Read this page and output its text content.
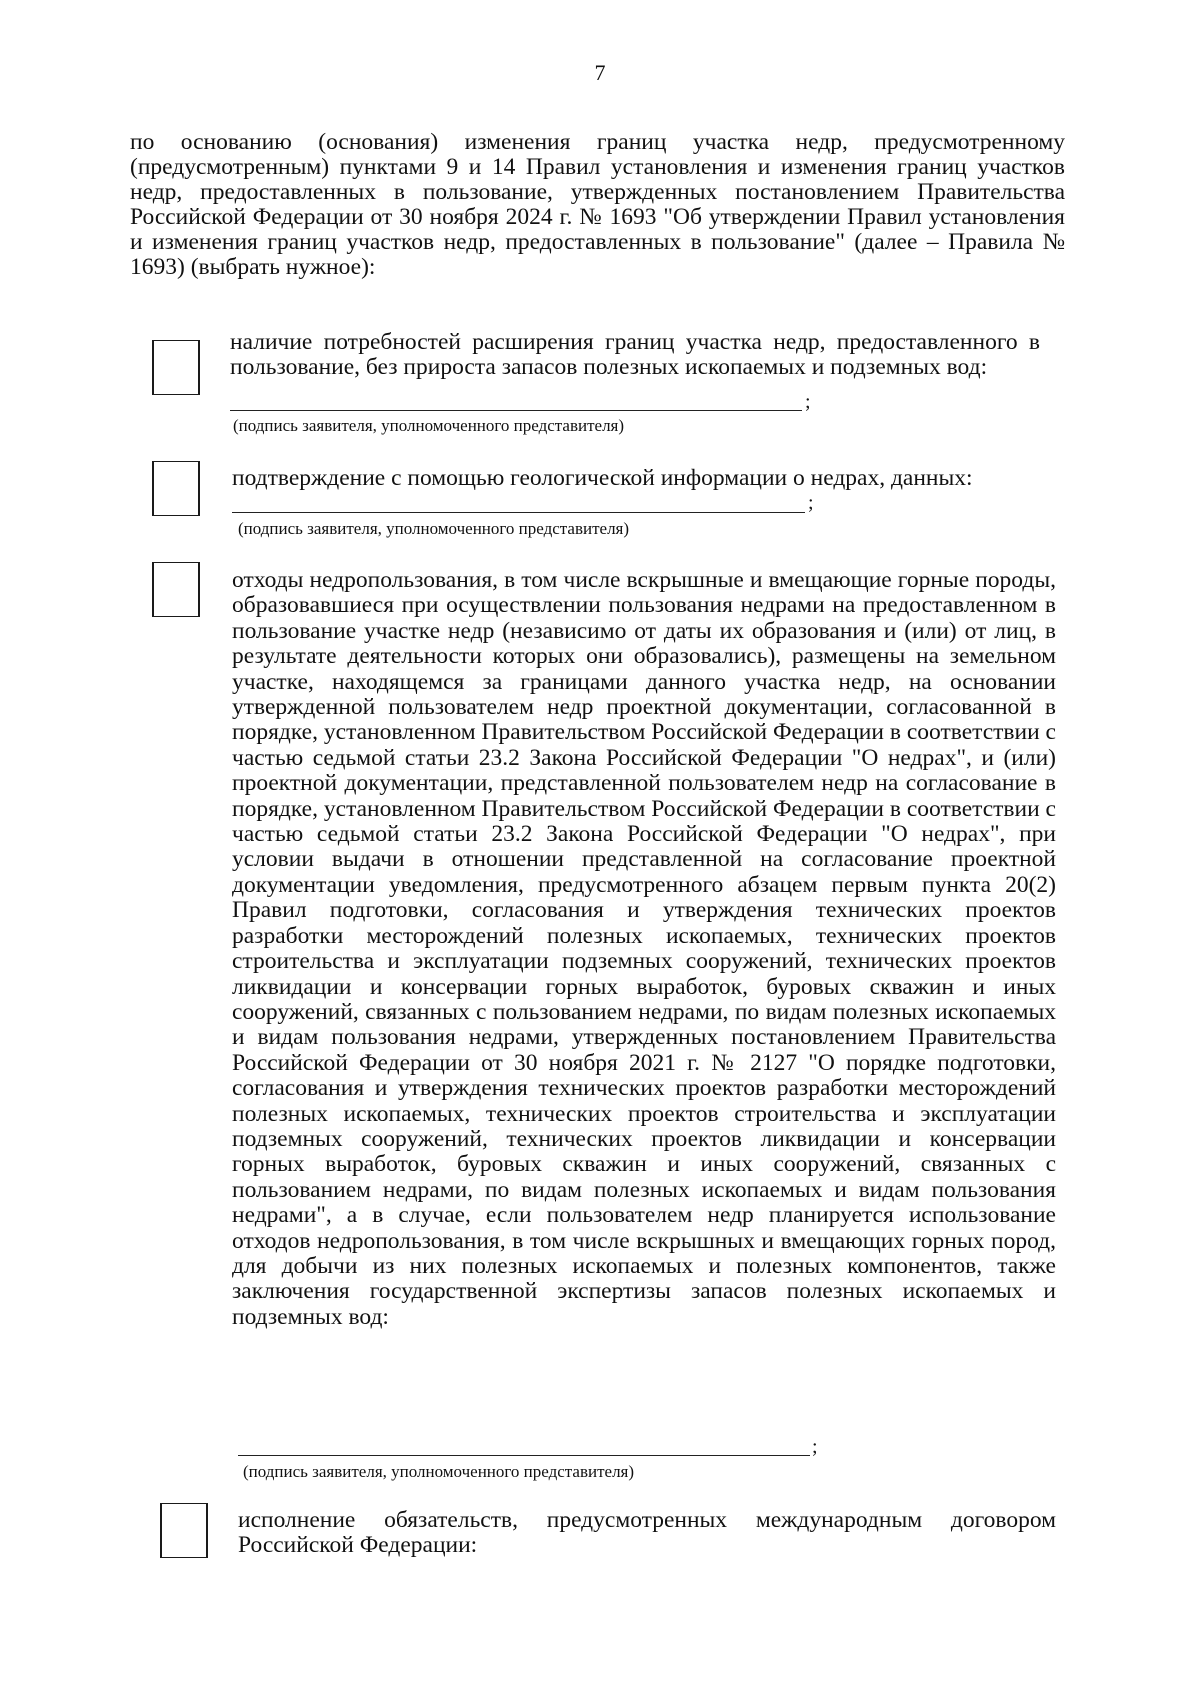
7
по основанию (основания) изменения границ участка недр, предусмотренному (предусмотренным) пунктами 9 и 14 Правил установления и изменения границ участков недр, предоставленных в пользование, утвержденных постановлением Правительства Российской Федерации от 30 ноября 2024 г. № 1693 "Об утверждении Правил установления и изменения границ участков недр, предоставленных в пользование" (далее – Правила № 1693) (выбрать нужное):
наличие потребностей расширения границ участка недр, предоставленного в пользование, без прироста запасов полезных ископаемых и подземных вод:
;
(подпись заявителя, уполномоченного представителя)
подтверждение с помощью геологической информации о недрах, данных:
;
(подпись заявителя, уполномоченного представителя)
отходы недропользования, в том числе вскрышные и вмещающие горные породы, образовавшиеся при осуществлении пользования недрами на предоставленном в пользование участке недр (независимо от даты их образования и (или) от лиц, в результате деятельности которых они образовались), размещены на земельном участке, находящемся за границами данного участка недр, на основании утвержденной пользователем недр проектной документации, согласованной в порядке, установленном Правительством Российской Федерации в соответствии с частью седьмой статьи 23.2 Закона Российской Федерации "О недрах", и (или) проектной документации, представленной пользователем недр на согласование в порядке, установленном Правительством Российской Федерации в соответствии с частью седьмой статьи 23.2 Закона Российской Федерации "О недрах", при условии выдачи в отношении представленной на согласование проектной документации уведомления, предусмотренного абзацем первым пункта 20(2) Правил подготовки, согласования и утверждения технических проектов разработки месторождений полезных ископаемых, технических проектов строительства и эксплуатации подземных сооружений, технических проектов ликвидации и консервации горных выработок, буровых скважин и иных сооружений, связанных с пользованием недрами, по видам полезных ископаемых и видам пользования недрами, утвержденных постановлением Правительства Российской Федерации от 30 ноября 2021 г. № 2127 "О порядке подготовки, согласования и утверждения технических проектов разработки месторождений полезных ископаемых, технических проектов строительства и эксплуатации подземных сооружений, технических проектов ликвидации и консервации горных выработок, буровых скважин и иных сооружений, связанных с пользованием недрами, по видам полезных ископаемых и видам пользования недрами", а в случае, если пользователем недр планируется использование отходов недропользования, в том числе вскрышных и вмещающих горных пород, для добычи из них полезных ископаемых и полезных компонентов, также заключения государственной экспертизы запасов полезных ископаемых и подземных вод:
;
(подпись заявителя, уполномоченного представителя)
исполнение обязательств, предусмотренных международным договором Российской Федерации:
